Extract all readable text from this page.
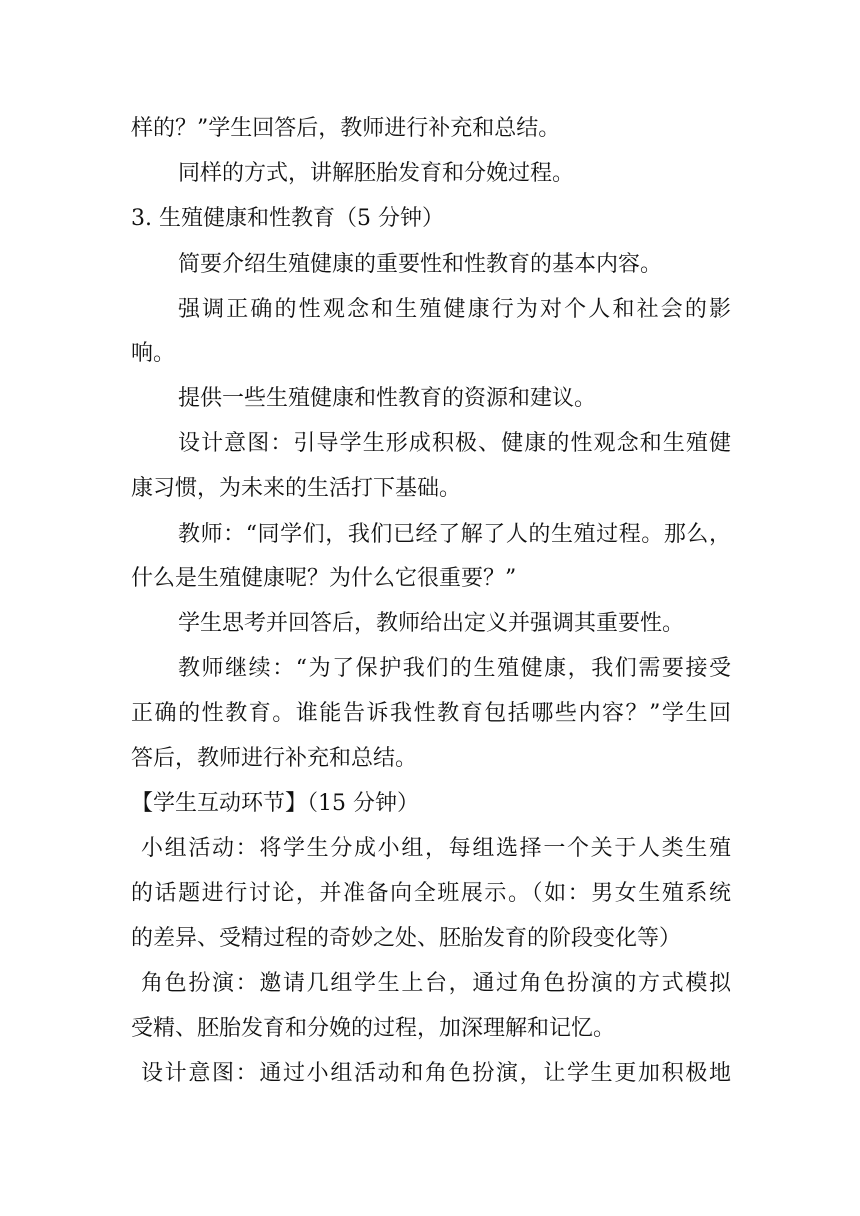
样的？”学生回答后，教师进行补充和总结。
同样的方式，讲解胚胎发育和分娩过程。
3. 生殖健康和性教育（5 分钟）
简要介绍生殖健康的重要性和性教育的基本内容。
强调正确的性观念和生殖健康行为对个人和社会的影
响。
提供一些生殖健康和性教育的资源和建议。
设计意图：引导学生形成积极、健康的性观念和生殖健
康习惯，为未来的生活打下基础。
教师：“同学们，我们已经了解了人的生殖过程。那么，
什么是生殖健康呢？为什么它很重要？”
学生思考并回答后，教师给出定义并强调其重要性。
教师继续：“为了保护我们的生殖健康，我们需要接受
正确的性教育。谁能告诉我性教育包括哪些内容？”学生回
答后，教师进行补充和总结。
【学生互动环节】（15 分钟）
小组活动：将学生分成小组，每组选择一个关于人类生殖
的话题进行讨论，并准备向全班展示。（如：男女生殖系统
的差异、受精过程的奇妙之处、胚胎发育的阶段变化等）
角色扮演：邀请几组学生上台，通过角色扮演的方式模拟
受精、胚胎发育和分娩的过程，加深理解和记忆。
设计意图：通过小组活动和角色扮演，让学生更加积极地
